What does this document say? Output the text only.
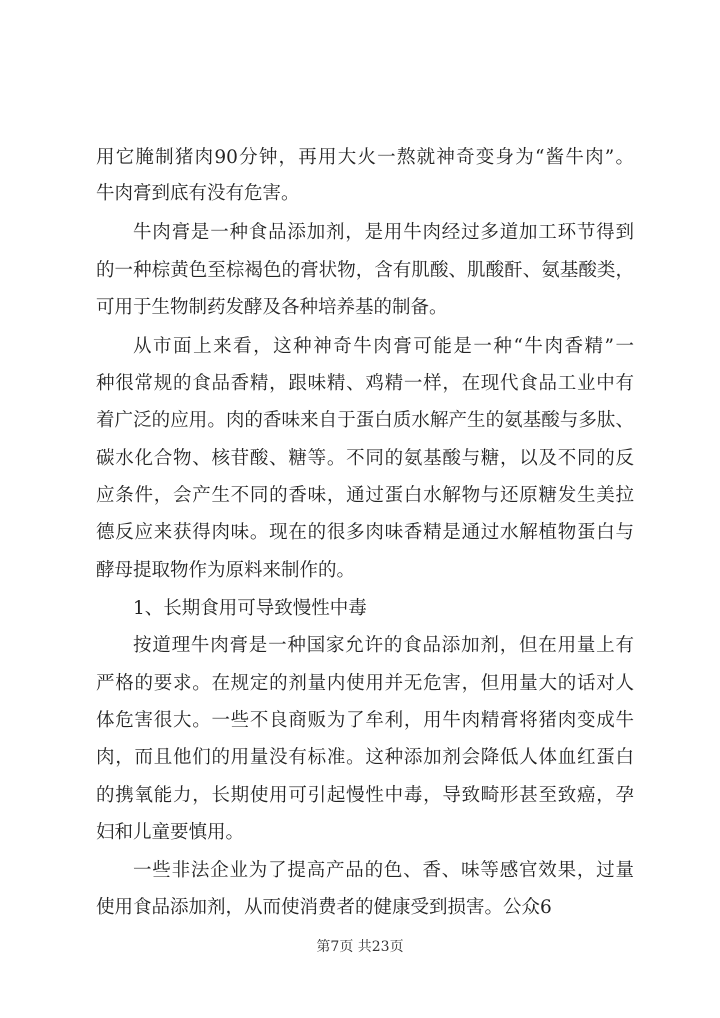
用它腌制猪肉90分钟，再用大火一熬就神奇变身为“酱牛肉”。
牛肉膏到底有没有危害。
牛肉膏是一种食品添加剂，是用牛肉经过多道加工环节得到
的一种棕黄色至棕褐色的膏状物，含有肌酸、肌酸酐、氨基酸类，
可用于生物制药发酵及各种培养基的制备。
从市面上来看，这种神奇牛肉膏可能是一种“牛肉香精”一
种很常规的食品香精，跟味精、鸡精一样，在现代食品工业中有
着广泛的应用。肉的香味来自于蛋白质水解产生的氨基酸与多肽、
碳水化合物、核苷酸、糖等。不同的氨基酸与糖，以及不同的反
应条件，会产生不同的香味，通过蛋白水解物与还原糖发生美拉
德反应来获得肉味。现在的很多肉味香精是通过水解植物蛋白与
酵母提取物作为原料来制作的。
1、长期食用可导致慢性中毒
按道理牛肉膏是一种国家允许的食品添加剂，但在用量上有
严格的要求。在规定的剂量内使用并无危害，但用量大的话对人
体危害很大。一些不良商贩为了牟利，用牛肉精膏将猪肉变成牛
肉，而且他们的用量没有标准。这种添加剂会降低人体血红蛋白
的携氧能力，长期使用可引起慢性中毒，导致畸形甚至致癌，孕
妇和儿童要慎用。
一些非法企业为了提高产品的色、香、味等感官效果，过量
使用食品添加剂，从而使消费者的健康受到损害。公众6
第7页 共23页
